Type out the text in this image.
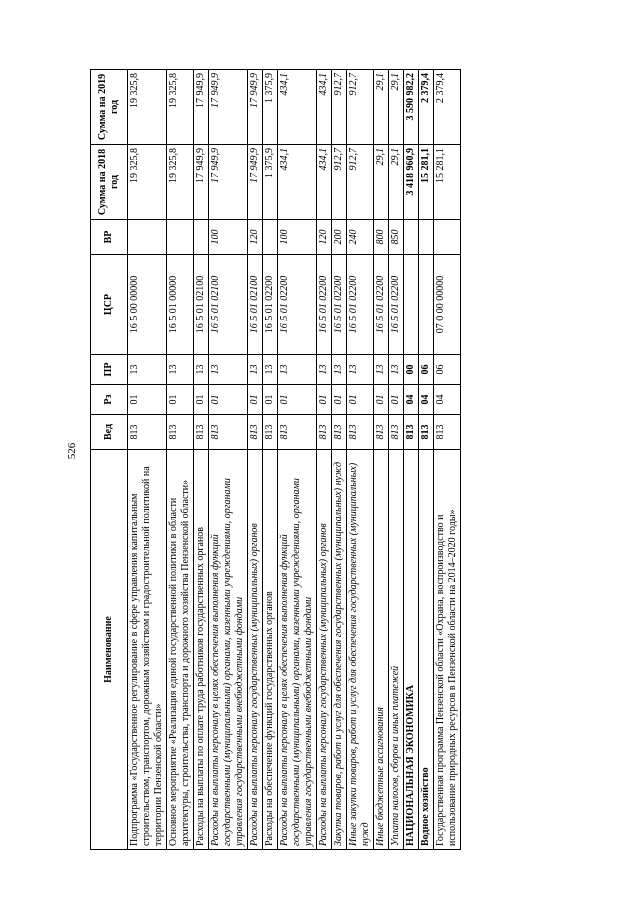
526
Наименование	Вед	Рз	ПР	ЦСР	ВР	Сумма на 2018 год	Сумма на 2019 год
Подпрограмма «Государственное регулирование в сфере управления капитальным строительством, транспортом, дорожным хозяйством и градостроительной политикой на территории Пензенской области»	813	01	13	16 5 00 00000		19 325,8	19 325,8
Основное мероприятие «Реализация единой государственной политики в области архитектуры, строительства, транспорта и дорожного хозяйства Пензенской области»	813	01	13	16 5 01 00000		19 325,8	19 325,8
Расходы на выплаты по оплате труда работников государственных органов	813	01	13	16 5 01 02100		17 949,9	17 949,9
Расходы на выплаты персоналу в целях обеспечения выполнения функций государственными (муниципальными) органами, казенными учреждениями, органами управления государственными внебюджетными фондами	813	01	13	16 5 01 02100	100	17 949,9	17 949,9
Расходы на выплаты персоналу государственных (муниципальных) органов	813	01	13	16 5 01 02100	120	17 949,9	17 949,9
Расходы на обеспечение функций государственных органов	813	01	13	16 5 01 02200		1 375,9	1 375,9
Расходы на выплаты персоналу в целях обеспечения выполнения функций государственными (муниципальными) органами, казенными учреждениями, органами управления государственными внебюджетными фондами	813	01	13	16 5 01 02200	100	434,1	434,1
Расходы на выплаты персоналу государственных (муниципальных) органов	813	01	13	16 5 01 02200	120	434,1	434,1
Закупка товаров, работ и услуг для обеспечения государственных (муниципальных) нужд	813	01	13	16 5 01 02200	200	912,7	912,7
Иные закупки товаров, работ и услуг для обеспечения государственных (муниципальных) нужд	813	01	13	16 5 01 02200	240	912,7	912,7
Иные бюджетные ассигнования	813	01	13	16 5 01 02200	800	29,1	29,1
Уплата налогов, сборов и иных платежей	813	01	13	16 5 01 02200	850	29,1	29,1
НАЦИОНАЛЬНАЯ ЭКОНОМИКА	813	04	00			3 418 960,9	3 590 982,2
Водное хозяйство	813	04	06			15 281,1	2 379,4
Государственная программа Пензенской области «Охрана, воспроизводство и использование природных ресурсов в Пензенской области на 2014–2020 годы»	813	04	06	07 0 00 00000		15 281,1	2 379,4
